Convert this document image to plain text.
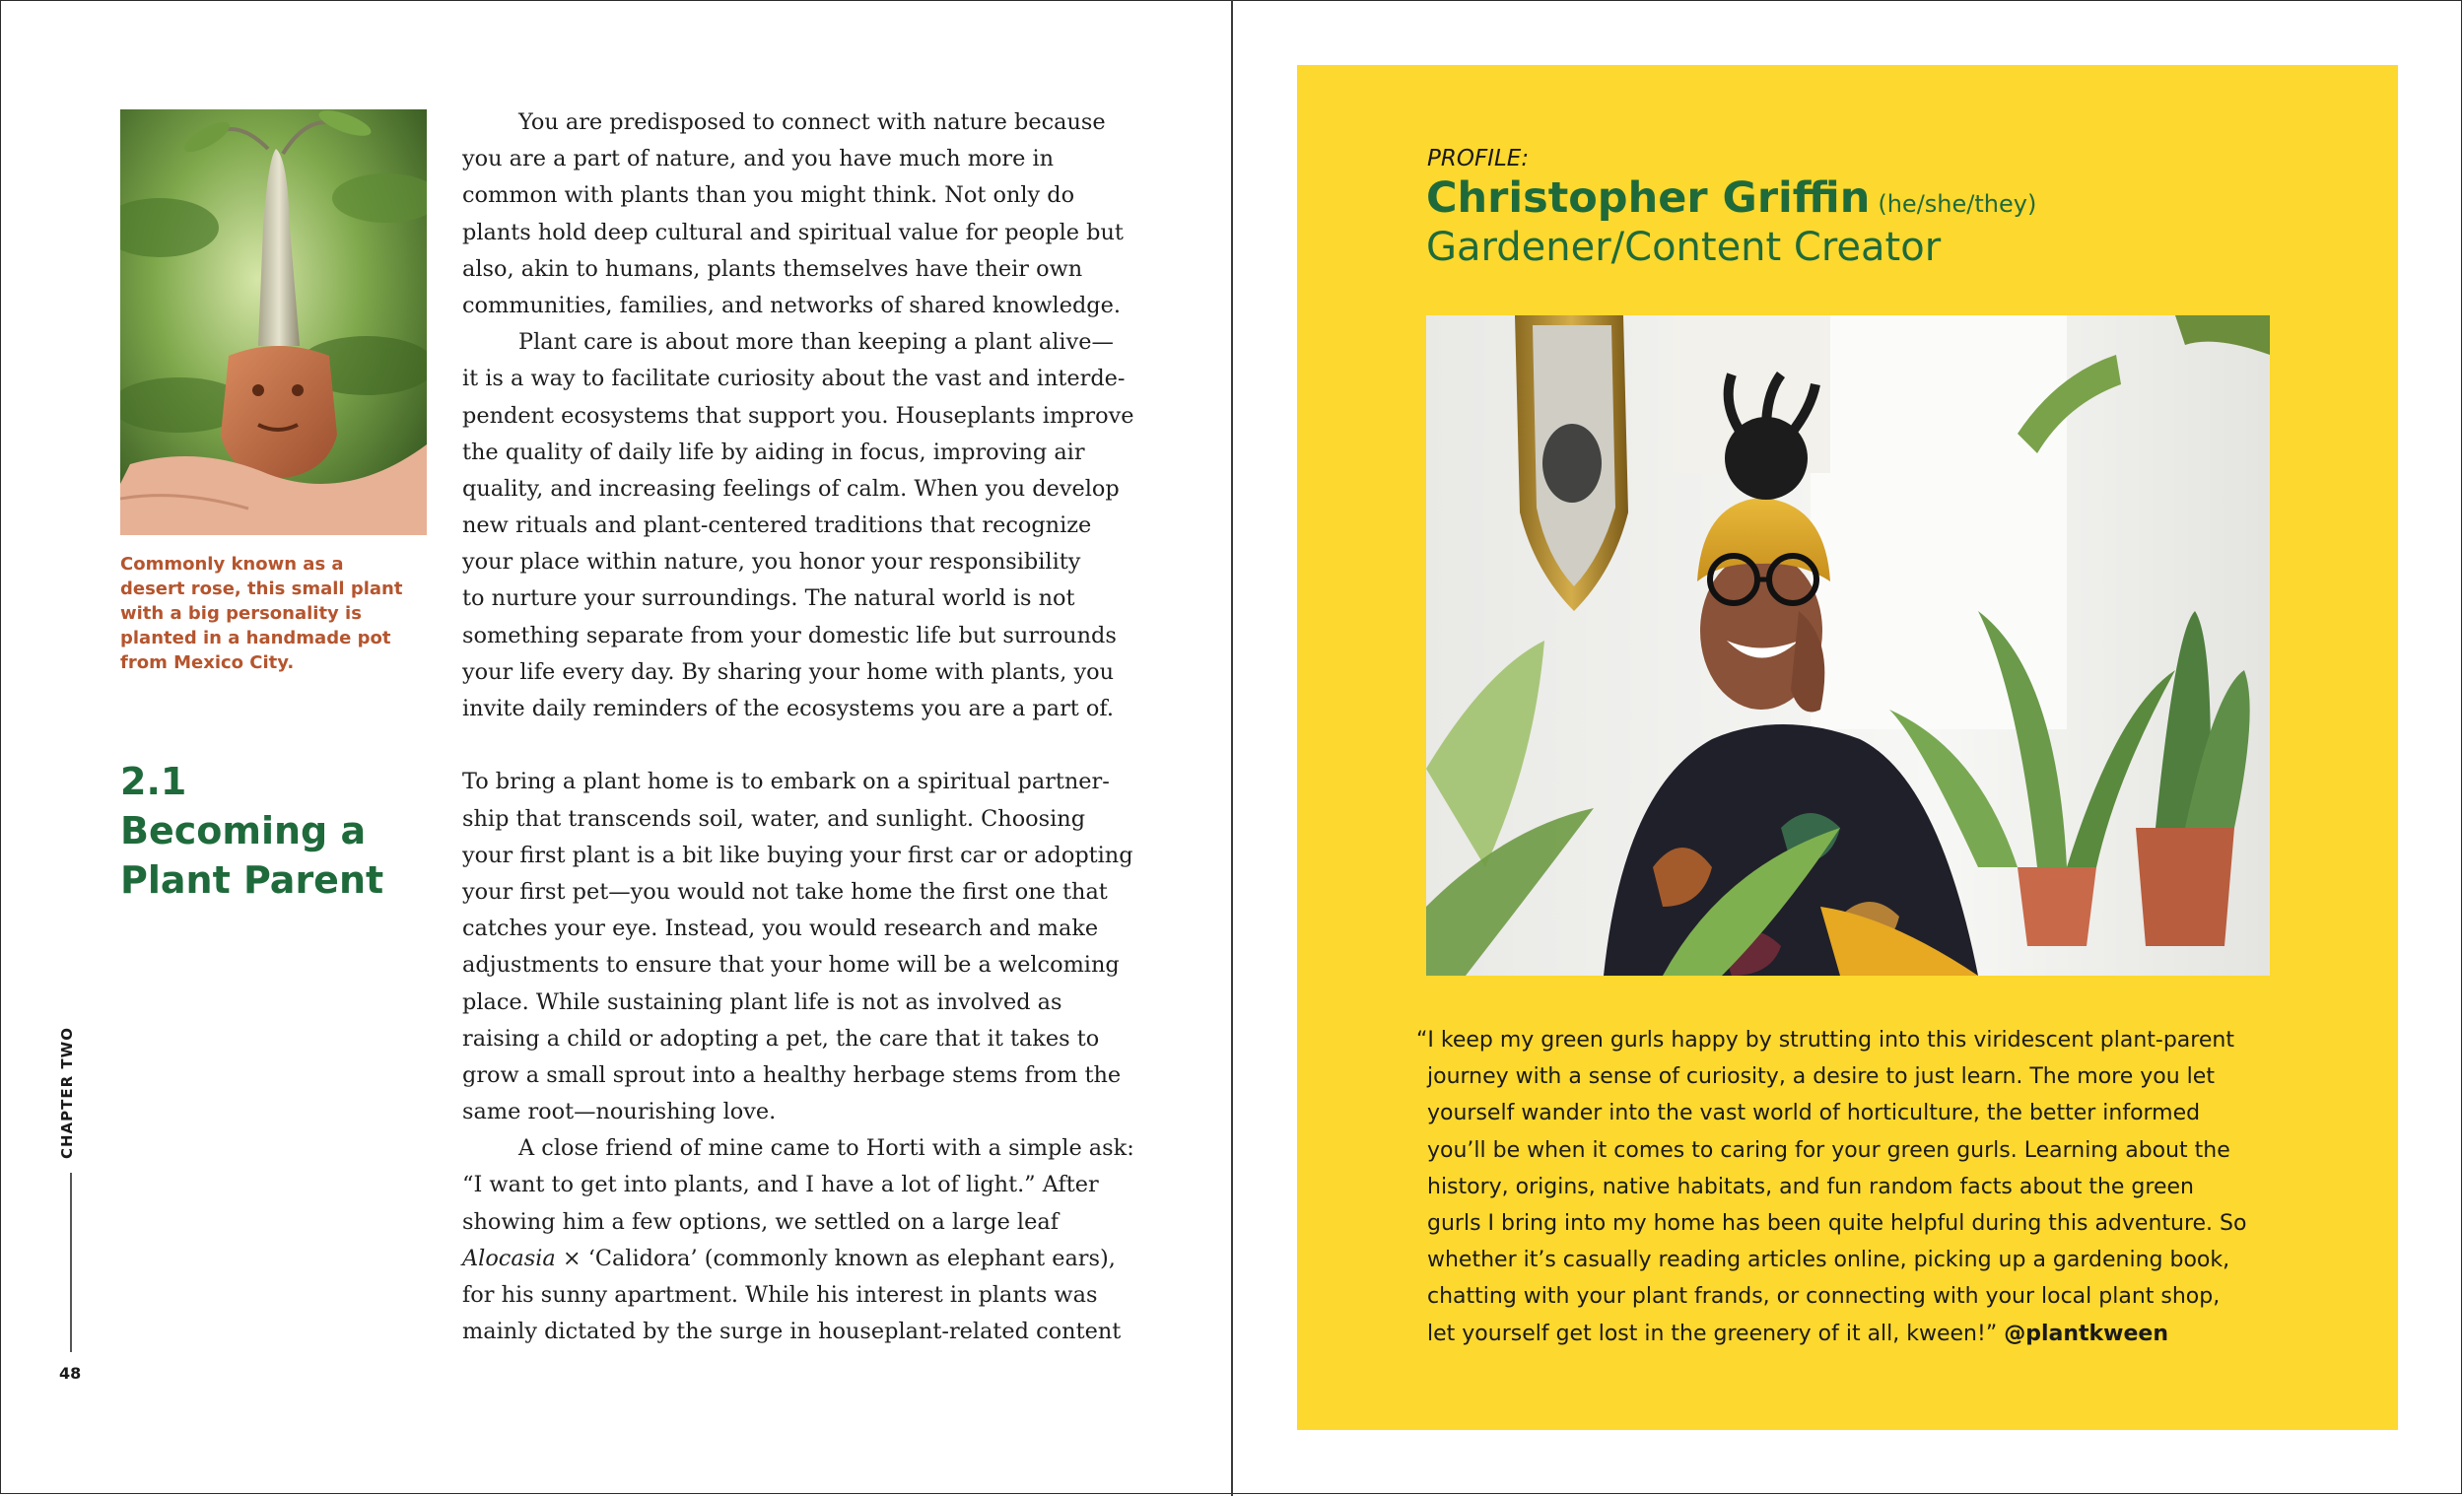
Commonly known as a desert rose, this small plant with a big personality is planted in a handmade pot from Mexico City.

2.1
Becoming a
Plant Parent
You are predisposed to connect with nature because
you are a part of nature, and you have much more in
common with plants than you might think. Not only do
plants hold deep cultural and spiritual value for people but
also, akin to humans, plants themselves have their own
communities, families, and networks of shared knowledge.
Plant care is about more than keeping a plant alive—
it is a way to facilitate curiosity about the vast and interde-
pendent ecosystems that support you. Houseplants improve
the quality of daily life by aiding in focus, improving air
quality, and increasing feelings of calm. When you develop
new rituals and plant-centered traditions that recognize
your place within nature, you honor your responsibility
to nurture your surroundings. The natural world is not
something separate from your domestic life but surrounds
your life every day. By sharing your home with plants, you
invite daily reminders of the ecosystems you are a part of.
To bring a plant home is to embark on a spiritual partner-
ship that transcends soil, water, and sunlight. Choosing
your first plant is a bit like buying your first car or adopting
your first pet—you would not take home the first one that
catches your eye. Instead, you would research and make
adjustments to ensure that your home will be a welcoming
place. While sustaining plant life is not as involved as
raising a child or adopting a pet, the care that it takes to
grow a small sprout into a healthy herbage stems from the
same root—nourishing love.
A close friend of mine came to Horti with a simple ask:
“I want to get into plants, and I have a lot of light.” After
showing him a few options, we settled on a large leaf
Alocasia × ‘Calidora’ (commonly known as elephant ears),
for his sunny apartment. While his interest in plants was
mainly dictated by the surge in houseplant-related content
CHAPTER TWO
48
PROFILE:
Christopher Griffin (he/she/they)
Gardener/Content Creator
“I keep my green gurls happy by strutting into this viridescent plant-parent
journey with a sense of curiosity, a desire to just learn. The more you let
yourself wander into the vast world of horticulture, the better informed
you’ll be when it comes to caring for your green gurls. Learning about the
history, origins, native habitats, and fun random facts about the green
gurls I bring into my home has been quite helpful during this adventure. So
whether it’s casually reading articles online, picking up a gardening book,
chatting with your plant frands, or connecting with your local plant shop,
let yourself get lost in the greenery of it all, kween!” @plantkween
